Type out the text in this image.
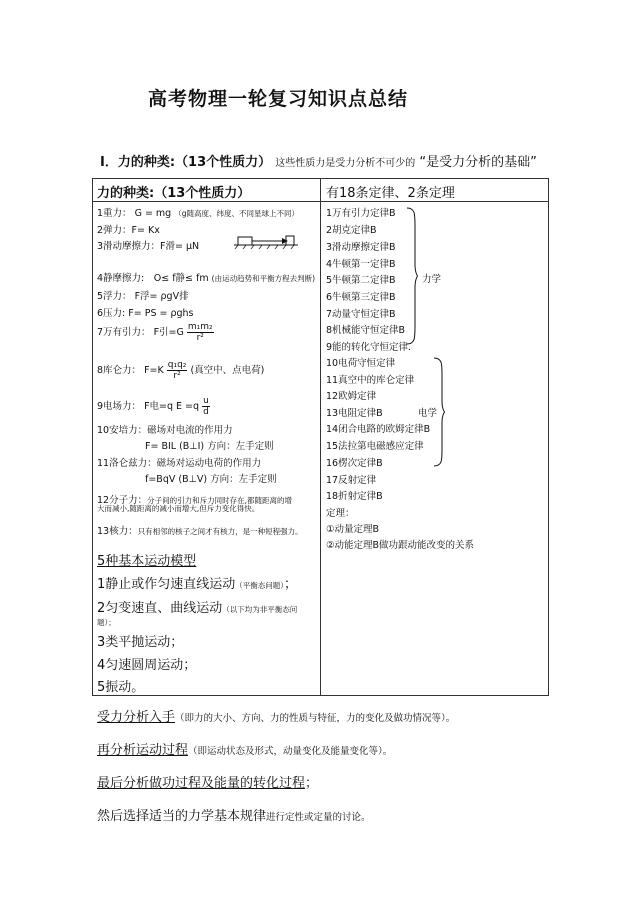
高考物理一轮复习知识点总结
Ⅰ．力的种类:（13个性质力） 这些性质力是受力分析不可少的 “是受力分析的基础”
力的种类:（13个性质力）	有18条定律、2条定理
1重力： G = mg （g随高度、纬度、不同星球上不同）
2弹力：F= Kx
3滑动摩擦力：F滑= μN
4静摩擦力:　O≤ f静≤ fm (由运动趋势和平衡方程去判断)
5浮力： F浮= ρgV排
6压力: F= PS = ρghs
7万有引力： F引$=G \frac{\text{m₁m₂}}{\text{r²}}$
8库仑力： $F=K \frac{\text{q₁q₂}}{\text{r²}}$ (真空中、点电荷)
9电场力： F电=q $E =q \frac{u}{d}$
10安培力：磁场对电流的作用力
F= BIL (B⊥I) 方向：左手定则
11洛仑兹力：磁场对运动电荷的作用力
f=BqV (B⊥V) 方向：左手定则
12分子力：分子间的引力和斥力同时存在,都随距离的增
大而减小,随距离的减小而增大,但斥力变化得快。
13核力：只有相邻的核子之间才有核力，是一种短程强力。
5种基本运动模型
1静止或作匀速直线运动（平衡态问题）；
2匀变速直、曲线运动（以下均为非平衡态问
题）；
3类平抛运动；
4匀速圆周运动；
5振动。
1万有引力定律B
2胡克定律B
3滑动摩擦定律B
4牛顿第一定律B
5牛顿第二定律B
6牛顿第三定律B
7动量守恒定律B
8机械能守恒定律B
9能的转化守恒定律．
力学
10电荷守恒定律
11真空中的库仑定律
12欧姆定律
13电阻定律B
14闭合电路的欧姆定律B
15法拉第电磁感应定律
16楞次定律B
电学
17反射定律
18折射定律B
定理：
①动量定理B
②动能定理B做功跟动能改变的关系
受力分析入手（即力的大小、方向、力的性质与特征，力的变化及做功情况等）。
再分析运动过程（即运动状态及形式，动量变化及能量变化等）。
最后分析做功过程及能量的转化过程；
然后选择适当的力学基本规律进行定性或定量的讨论。
